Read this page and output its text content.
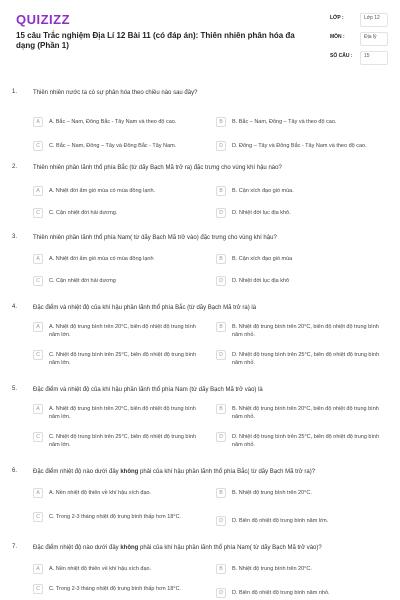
QUIZIZZ
15 câu Trắc nghiệm Địa Lí 12 Bài 11 (có đáp án): Thiên nhiên phân hóa đa dạng (Phần 1)
LỚP :	Lớp 12
MÔN :	Địa lý
SỐ CÂU :	15
1.	Thiên nhiên nước ta có sự phân hóa theo chiều nào sau đây?
A	A. Bắc – Nam, Đông Bắc - Tây Nam và theo độ cao.	B	B. Bắc – Nam, Đông – Tây và theo độ cao.
C	C. Bắc – Nam, Đông – Tây và Đông Bắc - Tây Nam.	D	D. Đông – Tây và Đông Bắc - Tây Nam và theo độ cao.
2.	Thiên nhiên phần lãnh thổ phía Bắc (từ dãy Bạch Mã trở ra) đặc trưng cho vùng khí hậu nào?
A	A. Nhiệt đới ẩm gió mùa có mùa đông lạnh.	B	B. Cận xích đạo gió mùa.
C	C. Cận nhiệt đới hải dương.	D	D. Nhiệt đới lục địa khô.
3.	Thiên nhiên phần lãnh thổ phía Nam( từ dãy Bạch Mã trở vào) đặc trưng cho vùng khí hậu?
A	A. Nhiệt đới ẩm gió mùa có mùa đông lạnh	B	B. Cận xích đạo gió mùa
C	C. Cận nhiệt đới hải dương	D	D. Nhiệt đới lục địa khô
4.	Đặc điểm và nhiệt độ của khí hậu phần lãnh thổ phía Bắc (từ dãy Bạch Mã trở ra) là
A	A. Nhiệt độ trung bình trên 20°C, biên độ nhiệt độ trung bình năm lớn.
B	B. Nhiệt độ trung bình trên 20°C, biên độ nhiệt độ trung bình năm nhỏ.
C	C. Nhiệt độ trung bình trên 25°C, biên độ nhiệt độ trung bình năm lớn.
D	D. Nhiệt độ trung bình trên 25°C, biên độ nhiệt độ trung bình năm nhỏ.
5.	Đặc điểm và nhiệt độ của khí hậu phần lãnh thổ phía Nam (từ dãy Bạch Mã trở vào) là
A	A. Nhiệt độ trung bình trên 20°C, biên độ nhiệt độ trung bình năm lớn.
B	B. Nhiệt độ trung bình trên 20°C, biên độ nhiệt độ trung bình năm nhỏ.
C	C. Nhiệt độ trung bình trên 25°C, biên độ nhiệt độ trung bình năm lớn.
D	D. Nhiệt độ trung bình trên 25°C, biên độ nhiệt độ trung bình năm nhỏ.
6.	Đặc điểm nhiệt độ nào dưới đây không phải của khí hậu phần lãnh thổ phía Bắc( từ dãy Bạch Mã trở ra)?
A	A. Nền nhiệt độ thiên về khí hậu xích đạo.	B	B. Nhiệt độ trung bình trên 20°C.
C	C. Trong 2-3 tháng nhiệt độ trung bình thấp hơn 18°C.
D	D. Biên độ nhiệt độ trung bình năm lớn.
7.	Đặc điểm nhiệt độ nào dưới đây không phải của khí hậu phần lãnh thổ phía Nam( từ dãy Bạch Mã trở vào)?
A	A. Nền nhiệt độ thiên về khí hậu xích đạo.	B	B. Nhiệt độ trung bình trên 20°C.
C	C. Trong 2-3 tháng nhiệt độ trung bình thấp hơn 18°C.
D	D. Biên độ nhiệt độ trung bình năm nhỏ.
